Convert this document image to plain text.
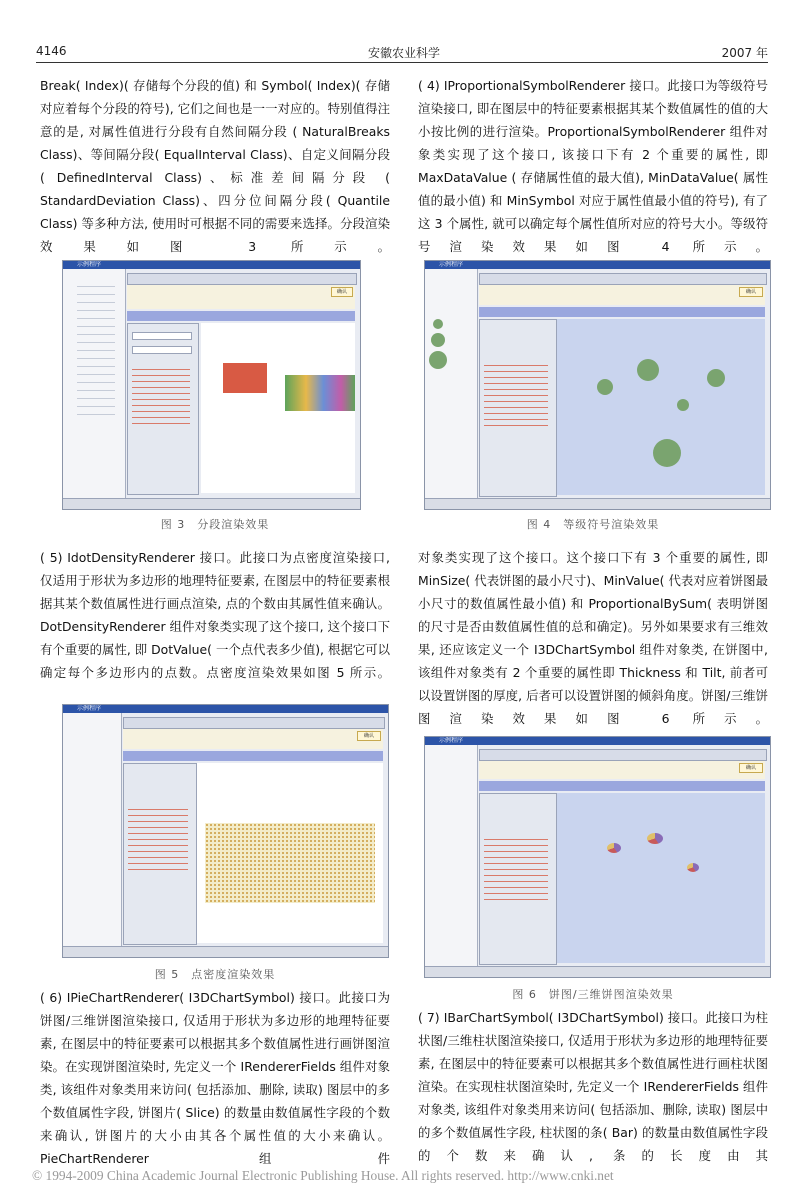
4146	安徽农业科学	2007 年

Break( Index)( 存储每个分段的值) 和 Symbol( Index)( 存储对应着每个分段的符号), 它们之间也是一一对应的。特别值得注意的是, 对属性值进行分段有自然间隔分段 ( NaturalBreaks Class)、等间隔分段( EqualInterval Class)、自定义间隔分段 ( DefinedInterval Class)、标准差间隔分段 ( StandardDeviation Class)、四分位间隔分段( Quantile Class) 等多种方法, 使用时可根据不同的需要来选择。分段渲染效果如图 3 所示。

( 4) IProportionalSymbolRenderer 接口。此接口为等级符号渲染接口, 即在图层中的特征要素根据其某个数值属性的值的大小按比例的进行渲染。ProportionalSymbolRenderer 组件对象类实现了这个接口, 该接口下有 2 个重要的属性, 即 MaxDataValue ( 存储属性值的最大值), MinDataValue( 属性值的最小值) 和 MinSymbol 对应于属性值最小值的符号), 有了这 3 个属性, 就可以确定每个属性值所对应的符号大小。等级符号渲染效果如图 4 所示。

示例程序
确认
图 3　分段渲染效果
示例程序
确认
图 4　等级符号渲染效果

( 5) IdotDensityRenderer 接口。此接口为点密度渲染接口, 仅适用于形状为多边形的地理特征要素, 在图层中的特征要素根据其某个数值属性进行画点渲染, 点的个数由其属性值来确认。DotDensityRenderer 组件对象类实现了这个接口, 这个接口下有个重要的属性, 即 DotValue( 一个点代表多少值), 根据它可以确定每个多边形内的点数。点密度渲染效果如图 5 所示。

对象类实现了这个接口。这个接口下有 3 个重要的属性, 即 MinSize( 代表饼图的最小尺寸)、MinValue( 代表对应着饼图最小尺寸的数值属性最小值) 和 ProportionalBySum( 表明饼图的尺寸是否由数值属性值的总和确定)。另外如果要求有三维效果, 还应该定义一个 I3DChartSymbol 组件对象类, 在饼图中, 该组件对象类有 2 个重要的属性即 Thickness 和 Tilt, 前者可以设置饼图的厚度, 后者可以设置饼图的倾斜角度。饼图/三维饼图渲染效果如图 6 所示。

示例程序
确认
图 5　点密度渲染效果
示例程序
确认
图 6　饼图/三维饼图渲染效果

( 6) IPieChartRenderer( I3DChartSymbol) 接口。此接口为饼图/三维饼图渲染接口, 仅适用于形状为多边形的地理特征要素, 在图层中的特征要素可以根据其多个数值属性进行画饼图渲染。在实现饼图渲染时, 先定义一个 IRendererFields 组件对象类, 该组件对象类用来访问( 包括添加、删除, 读取) 图层中的多个数值属性字段, 饼图片( Slice) 的数量由数值属性字段的个数来确认, 饼图片的大小由其各个属性值的大小来确认。PieChartRenderer 组件

( 7) IBarChartSymbol( I3DChartSymbol) 接口。此接口为柱状图/三维柱状图渲染接口, 仅适用于形状为多边形的地理特征要素, 在图层中的特征要素可以根据其多个数值属性进行画柱状图渲染。在实现柱状图渲染时, 先定义一个 IRendererFields 组件对象类, 该组件对象类用来访问( 包括添加、删除, 读取) 图层中的多个数值属性字段, 柱状图的条( Bar) 的数量由数值属性字段的个数来确认, 条的长度由其

© 1994-2009 China Academic Journal Electronic Publishing House. All rights reserved. http://www.cnki.net
